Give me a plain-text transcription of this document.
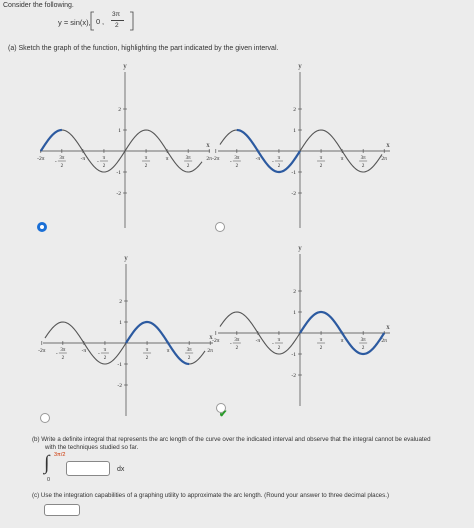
Consider the following.
y = sin(x), 0 ,
3π
2
(a) Sketch the graph of the function, highlighting the part indicated by the given interval.
y
x
2
1
-1
-2
-2π	-π	π	2π
-
3π
2
-
π
2
π
2
3π
2
y
x
2
1
-1
-2
-2π	-π	π	2π
-
3π
2
-
π
2
π
2
3π
2
y
x
2
1
-1
-2
-2π	-π	π	2π
-
3π
2
-
π
2
π
2
3π
2
y
x
2
1
-1
-2
-2π	-π	π	2π
-
3π
2
-
π
2
π
2
3π
2
✔
(b) Write a definite integral that represents the arc length of the curve over the indicated interval and observe that the integral cannot be evaluated
with the techniques studied so far.
∫ 3π/2
0
dx
(c) Use the integration capabilities of a graphing utility to approximate the arc length. (Round your answer to three decimal places.)
